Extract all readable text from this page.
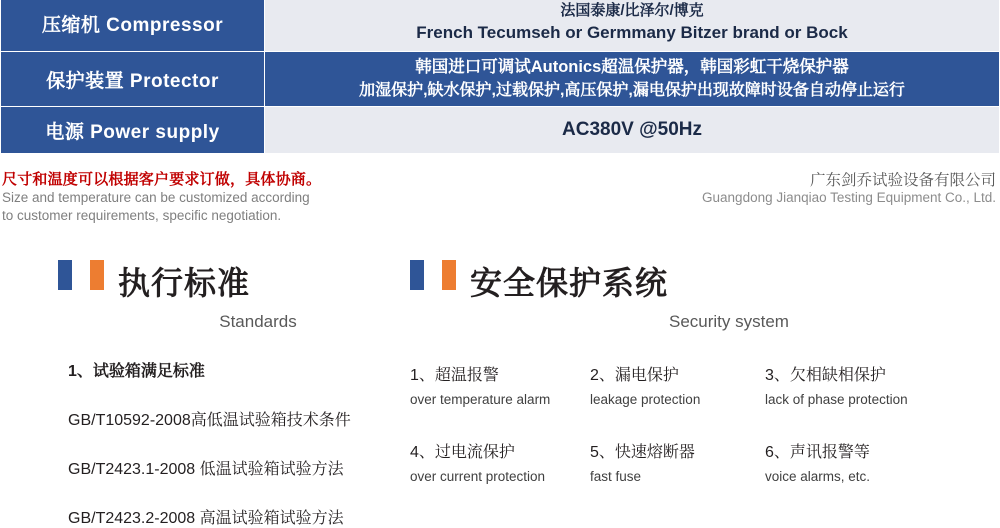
压缩机 Compressor	法国泰康/比泽尔/博克
French Tecumseh or Germmany Bitzer brand or Bock

保护装置 Protector	韩国进口可调试Autonics超温保护器，韩国彩虹干烧保护器
加湿保护,缺水保护,过载保护,高压保护,漏电保护出现故障时设备自动停止运行

电源 Power supply	AC380V @50Hz
尺寸和温度可以根据客户要求订做，具体协商。
Size and temperature can be customized according
to customer requirements, specific negotiation.
广东剑乔试验设备有限公司
Guangdong Jianqiao Testing Equipment Co., Ltd.
执行标准
Standards
1、试验箱满足标准
GB/T10592-2008高低温试验箱技术条件
GB/T2423.1-2008 低温试验箱试验方法
GB/T2423.2-2008 高温试验箱试验方法
安全保护系统
Security system
1、超温报警
over temperature alarm
2、漏电保护
leakage protection
3、欠相缺相保护
lack of phase protection
4、过电流保护
over current protection
5、快速熔断器
fast fuse
6、声讯报警等
voice alarms, etc.
